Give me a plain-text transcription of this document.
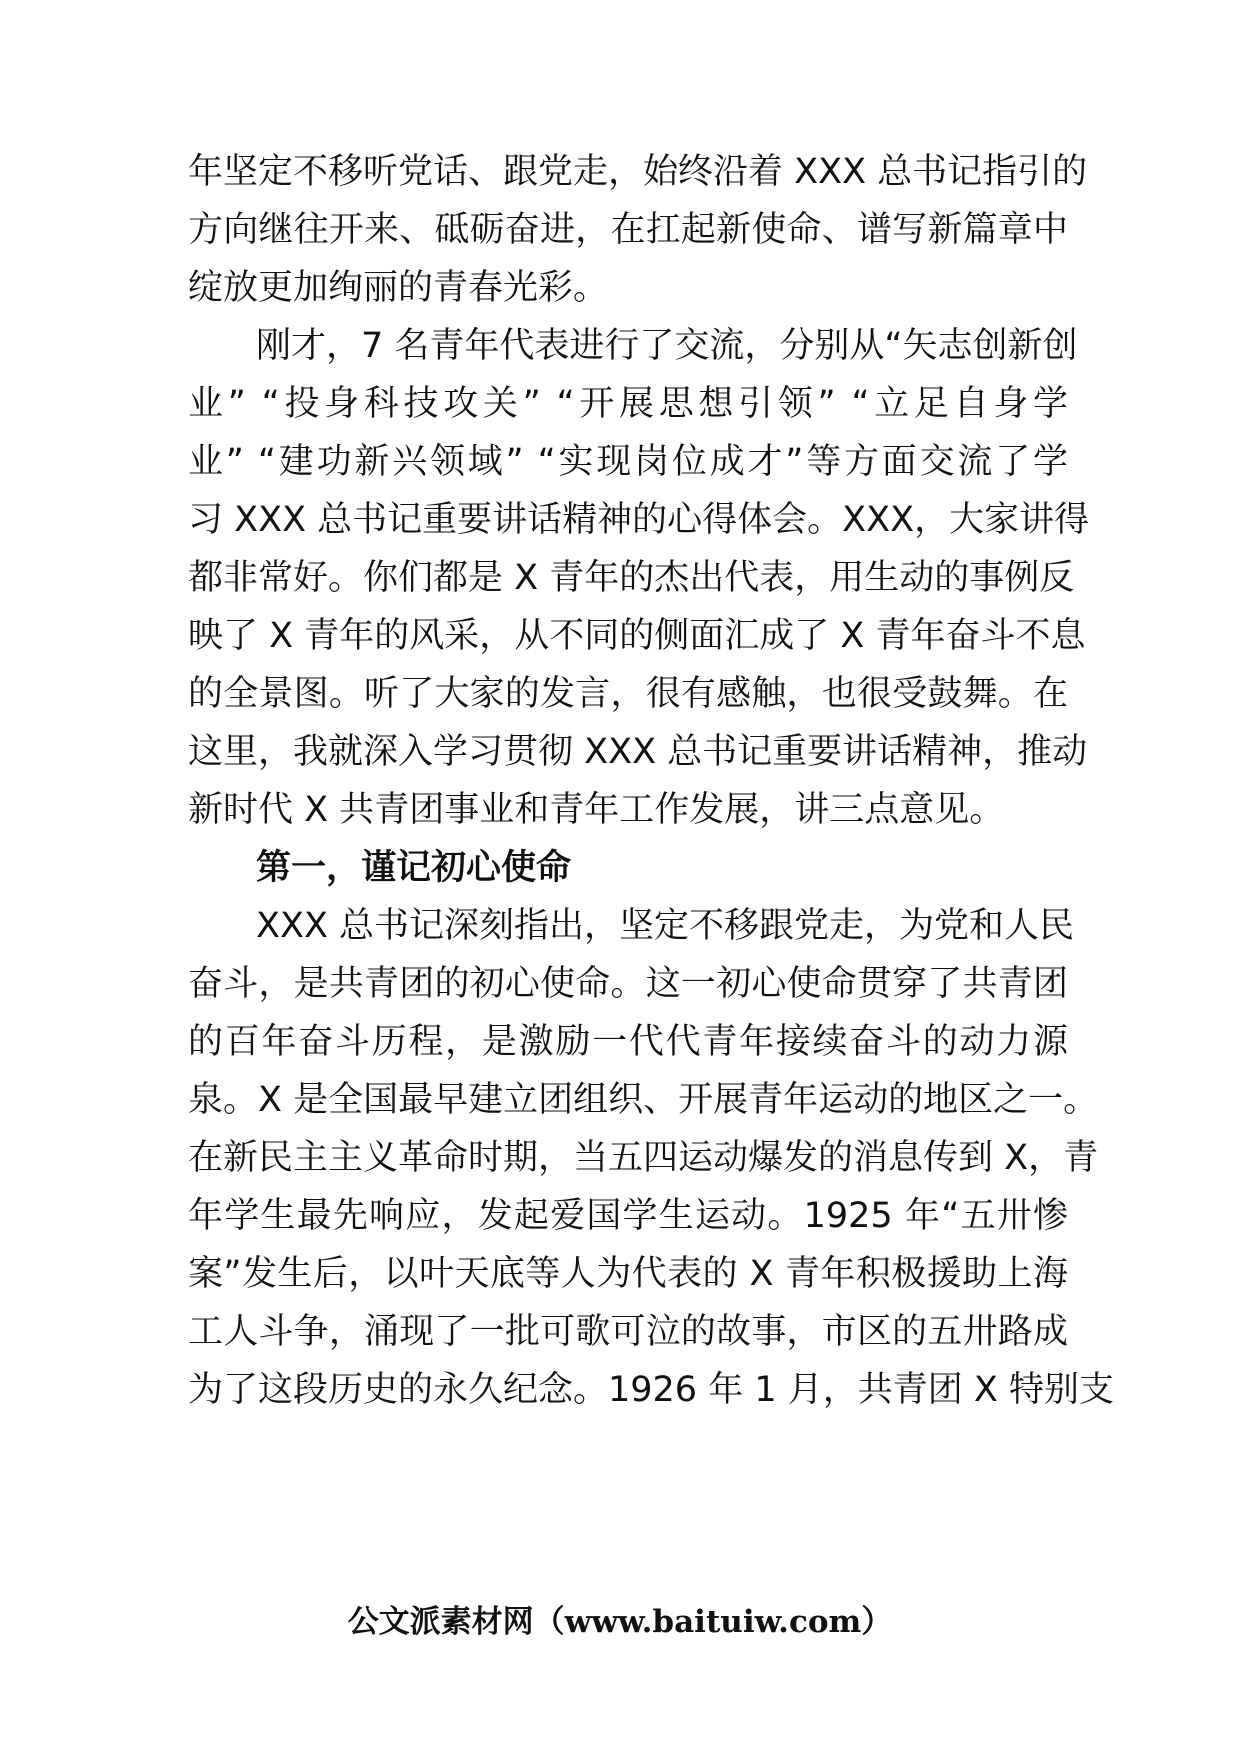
年坚定不移听党话、跟党走，始终沿着 XXX 总书记指引的
方向继往开来、砥砺奋进，在扛起新使命、谱写新篇章中
绽放更加绚丽的青春光彩。
刚才，7 名青年代表进行了交流，分别从“矢志创新创
业” “投身科技攻关” “开展思想引领” “立足自身学
业” “建功新兴领域” “实现岗位成才”等方面交流了学
习 XXX 总书记重要讲话精神的心得体会。XXX，大家讲得
都非常好。你们都是 X 青年的杰出代表，用生动的事例反
映了 X 青年的风采，从不同的侧面汇成了 X 青年奋斗不息
的全景图。听了大家的发言，很有感触，也很受鼓舞。在
这里，我就深入学习贯彻 XXX 总书记重要讲话精神，推动
新时代 X 共青团事业和青年工作发展，讲三点意见。
第一，谨记初心使命
XXX 总书记深刻指出，坚定不移跟党走，为党和人民
奋斗，是共青团的初心使命。这一初心使命贯穿了共青团
的百年奋斗历程，是激励一代代青年接续奋斗的动力源
泉。X 是全国最早建立团组织、开展青年运动的地区之一。
在新民主主义革命时期，当五四运动爆发的消息传到 X，青
年学生最先响应，发起爱国学生运动。1925 年“五卅惨
案”发生后，以叶天底等人为代表的 X 青年积极援助上海
工人斗争，涌现了一批可歌可泣的故事，市区的五卅路成
为了这段历史的永久纪念。1926 年 1 月，共青团 X 特别支
公文派素材网（www.baituiw.com）
